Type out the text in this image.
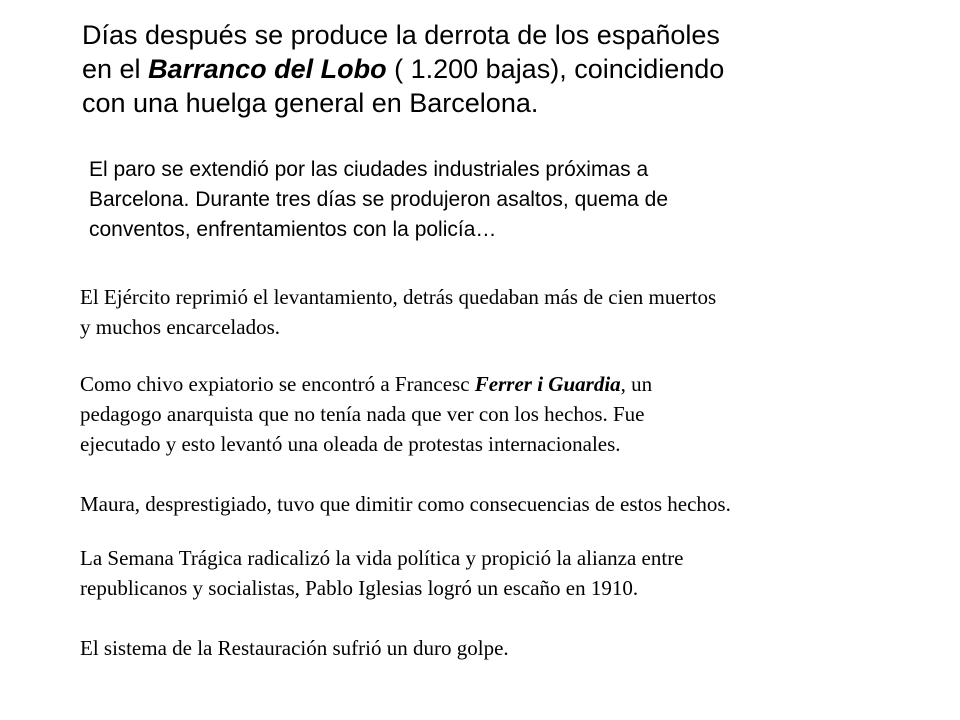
Días después se produce la derrota de los españoles
en el Barranco del Lobo ( 1.200 bajas), coincidiendo
con una huelga general en Barcelona.

El paro se extendió por las ciudades industriales próximas a
Barcelona. Durante tres días se produjeron asaltos, quema de
conventos, enfrentamientos con la policía…

El Ejército reprimió el levantamiento, detrás quedaban más de cien muertos
y muchos encarcelados.

Como chivo expiatorio se encontró a Francesc Ferrer i Guardia, un
pedagogo anarquista que no tenía nada que ver con los hechos. Fue
ejecutado y esto levantó una oleada de protestas internacionales.

Maura, desprestigiado, tuvo que dimitir como consecuencias de estos hechos.

La Semana Trágica radicalizó la vida política y propició la alianza entre
republicanos y socialistas, Pablo Iglesias logró un escaño en 1910.

El sistema de la Restauración sufrió un duro golpe.
